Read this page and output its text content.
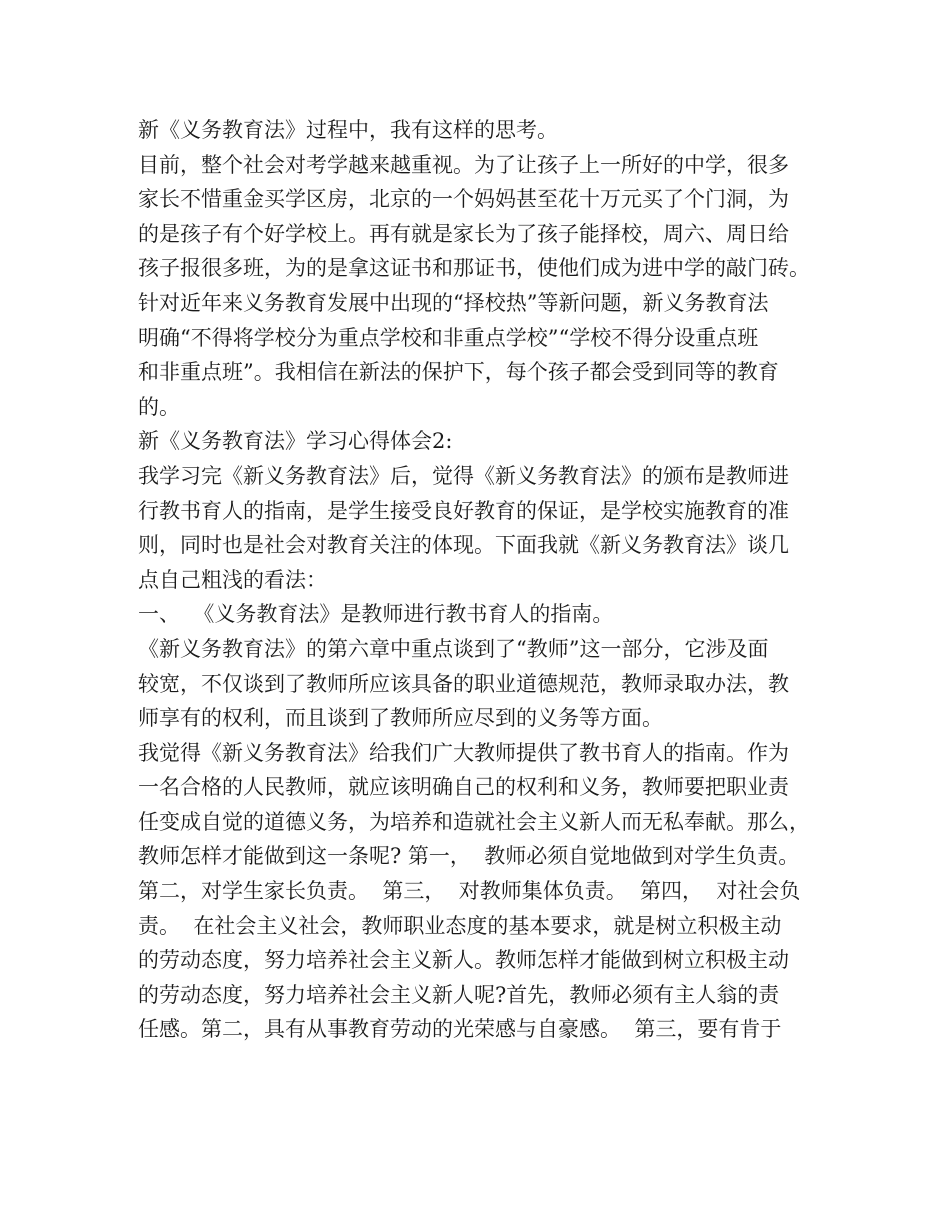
新《义务教育法》过程中，我有这样的思考。

目前，整个社会对考学越来越重视。为了让孩子上一所好的中学，很多

家长不惜重金买学区房，北京的一个妈妈甚至花十万元买了个门洞，为

的是孩子有个好学校上。再有就是家长为了孩子能择校，周六、周日给

孩子报很多班，为的是拿这证书和那证书，使他们成为进中学的敲门砖。

针对近年来义务教育发展中出现的“择校热”等新问题，新义务教育法

明确“不得将学校分为重点学校和非重点学校”“学校不得分设重点班

和非重点班”。我相信在新法的保护下，每个孩子都会受到同等的教育

的。

新《义务教育法》学习心得体会2:

我学习完《新义务教育法》后，觉得《新义务教育法》的颁布是教师进

行教书育人的指南，是学生接受良好教育的保证，是学校实施教育的准

则，同时也是社会对教育关注的体现。下面我就《新义务教育法》谈几

点自己粗浅的看法：

一、  《义务教育法》是教师进行教书育人的指南。

《新义务教育法》的第六章中重点谈到了“教师”这一部分，它涉及面

较宽，不仅谈到了教师所应该具备的职业道德规范，教师录取办法，教

师享有的权利，而且谈到了教师所应尽到的义务等方面。

我觉得《新义务教育法》给我们广大教师提供了教书育人的指南。作为

一名合格的人民教师，就应该明确自己的权利和义务，教师要把职业责

任变成自觉的道德义务，为培养和造就社会主义新人而无私奉献。那么，

教师怎样才能做到这一条呢? 第一，  教师必须自觉地做到对学生负责。

第二，对学生家长负责。  第三，  对教师集体负责。  第四，  对社会负

责。  在社会主义社会，教师职业态度的基本要求，就是树立积极主动

的劳动态度，努力培养社会主义新人。教师怎样才能做到树立积极主动

的劳动态度，努力培养社会主义新人呢?首先，教师必须有主人翁的责

任感。第二，具有从事教育劳动的光荣感与自豪感。  第三，要有肯于
